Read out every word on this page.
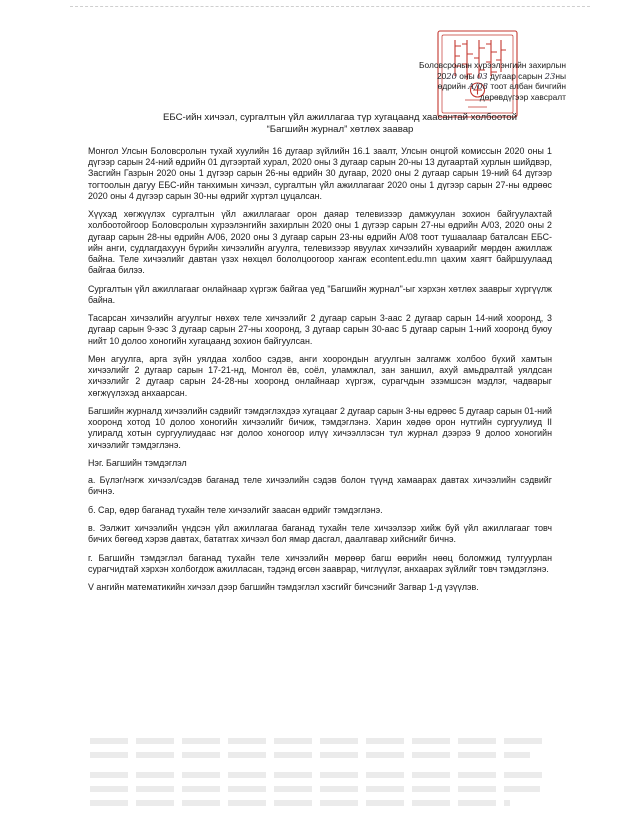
Боловсролын хүрээлэнгийн захирлын
2020 оны 03 дугаар сарын 23ны
өдрийн А/08 тоот албан бичгийн
дөрөвдүгээр хавсралт
ЕБС-ийн хичээл, сургалтын үйл ажиллагаа түр хугацаанд хаасантай холбоотой
“Багшийн журнал” хөтлөх заавар

Монгол Улсын Боловсролын тухай хуулийн 16 дугаар зүйлийн 16.1 заалт, Улсын онцгой комиссын 2020 оны 1 дүгээр сарын 24-ний өдрийн 01 дүгээртай хурал, 2020 оны 3 дугаар сарын 20-ны 13 дугаартай хурлын шийдвэр, Засгийн Газрын 2020 оны 1 дүгээр сарын 26-ны өдрийн 30 дугаар, 2020 оны 2 дугаар сарын 19-ний 64 дүгээр тогтоолын дагуу ЕБС-ийн танхимын хичээл, сургалтын үйл ажиллагааг 2020 оны 1 дүгээр сарын 27-ны өдрөөс 2020 оны 4 дүгээр сарын 30-ны өдрийг хүртэл цуцалсан.

Хүүхэд хөгжүүлэх сургалтын үйл ажиллагааг орон даяар телевизээр дамжуулан зохион байгуулахтай холбоотойгоор Боловсролын хүрээлэнгийн захирлын 2020 оны 1 дүгээр сарын 27-ны өдрийн А/03, 2020 оны 2 дугаар сарын 28-ны өдрийн А/06, 2020 оны 3 дугаар сарын 23-ны өдрийн А/08 тоот тушаалаар баталсан ЕБС-ийн анги, судлагдахуун бүрийн хичээлийн агуулга, телевизээр явуулах хичээлийн хуваарийг мөрдөн ажиллаж байна. Теле хичээлийг давтан үзэх нөхцөл бололцоогоор хангаж econtent.edu.mn цахим хаягт байршуулаад байгаа билээ.

Сургалтын үйл ажиллагааг онлайнаар хүргэж байгаа үед "Багшийн журнал"-ыг хэрхэн хөтлөх зааврыг хүргүүлж байна.

Тасарсан хичээлийн агуулгыг нөхөх теле хичээлийг 2 дугаар сарын 3-аас 2 дугаар сарын 14-ний хооронд, 3 дугаар сарын 9-ээс 3 дугаар сарын 27-ны хооронд, 3 дугаар сарын 30-аас 5 дугаар сарын 1-ний хооронд буюу нийт 10 долоо хоногийн хугацаанд зохион байгуулсан.

Мөн агуулга, арга зүйн уялдаа холбоо сэдэв, анги хоорондын агуулгын залгамж холбоо бүхий хамтын хичээлийг 2 дугаар сарын 17-21-нд, Монгол ёв, соёл, уламжлал, зан заншил, ахуй амьдралтай уялдсан хичээлийг 2 дугаар сарын 24-28-ны хооронд онлайнаар хүргэж, сурагчдын эзэмшсэн мэдлэг, чадварыг хөгжүүлэхэд анхаарсан.

Багшийн журналд хичээлийн сэдвийг тэмдэглэхдээ хугацааг 2 дугаар сарын 3-ны өдрөөс 5 дугаар сарын 01-ний хооронд хотод 10 долоо хоногийн хичээлийг бичиж, тэмдэглэнэ. Харин хөдөө орон нутгийн сургуулиуд II улиралд хотын сургуулиудаас нэг долоо хоногоор илүү хичээллэсэн тул журнал дээрээ 9 долоо хоногийн хичээлийг тэмдэглэнэ.

Нэг. Багшийн тэмдэглэл

а. Бүлэг/нэгж хичээл/сэдэв баганад теле хичээлийн сэдэв болон түүнд хамаарах давтах хичээлийн сэдвийг бичнэ.

б. Сар, өдөр баганад тухайн теле хичээлийг заасан өдрийг тэмдэглэнэ.

в. Ээлжит хичээлийн үндсэн үйл ажиллагаа баганад тухайн теле хичээлээр хийж буй үйл ажиллагааг товч бичих бөгөөд хэрэв давтах, бататгах хичээл бол ямар дасгал, даалгавар хийснийг бичнэ.

г. Багшийн тэмдэглэл баганад тухайн теле хичээлийн мөрөөр багш өөрийн нөөц боломжид тулгуурлан сурагчидтай хэрхэн холбогдож ажилласан, тэдэнд өгсөн зааврар, чиглүүлэг, анхаарах зүйлийг товч тэмдэглэнэ.

V ангийн математикийн хичээл дээр багшийн тэмдэглэл хэсгийг бичсэнийг Загвар 1-д үзүүлэв.
